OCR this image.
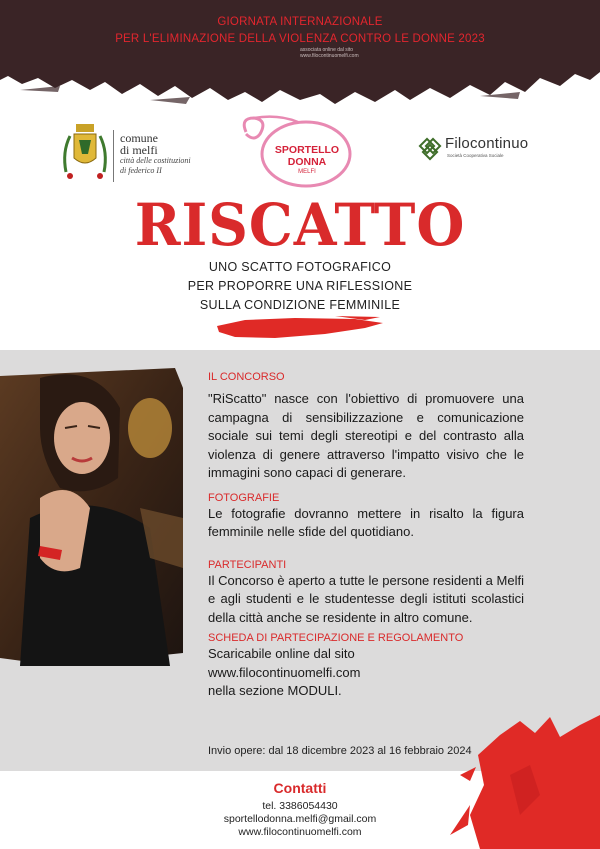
GIORNATA INTERNAZIONALE
PER L'ELIMINAZIONE DELLA VIOLENZA CONTRO LE DONNE 2023
associata online dal sito
www.filocontinuomelfi.com
comune
di melfi
città delle costituzioni
di federico II
SPORTELLO
DONNA
MELFI
Filocontinuo
Società Cooperativa Sociale
RISCATTO
UNO SCATTO FOTOGRAFICO
PER PROPORRE UNA RIFLESSIONE
SULLA CONDIZIONE FEMMINILE
IL CONCORSO
"RiScatto" nasce con l'obiettivo di promuovere una campagna di sensibilizzazione e comunicazione sociale sui temi degli stereotipi e del contrasto alla violenza di genere attraverso l'impatto visivo che le immagini sono capaci di generare.
FOTOGRAFIE
Le fotografie dovranno mettere in risalto la figura femminile nelle sfide del quotidiano.
PARTECIPANTI
Il Concorso è aperto a tutte le persone residenti a Melfi e agli studenti e le studentesse degli istituti scolastici della città anche se residente in altro comune.
SCHEDA DI PARTECIPAZIONE E REGOLAMENTO
Scaricabile online dal sito
www.filocontinuomelfi.com
nella sezione MODULI.
Invio opere: dal 18 dicembre 2023 al 16 febbraio 2024
Contatti
tel. 3386054430
sportellodonna.melfi@gmail.com
www.filocontinuomelfi.com
